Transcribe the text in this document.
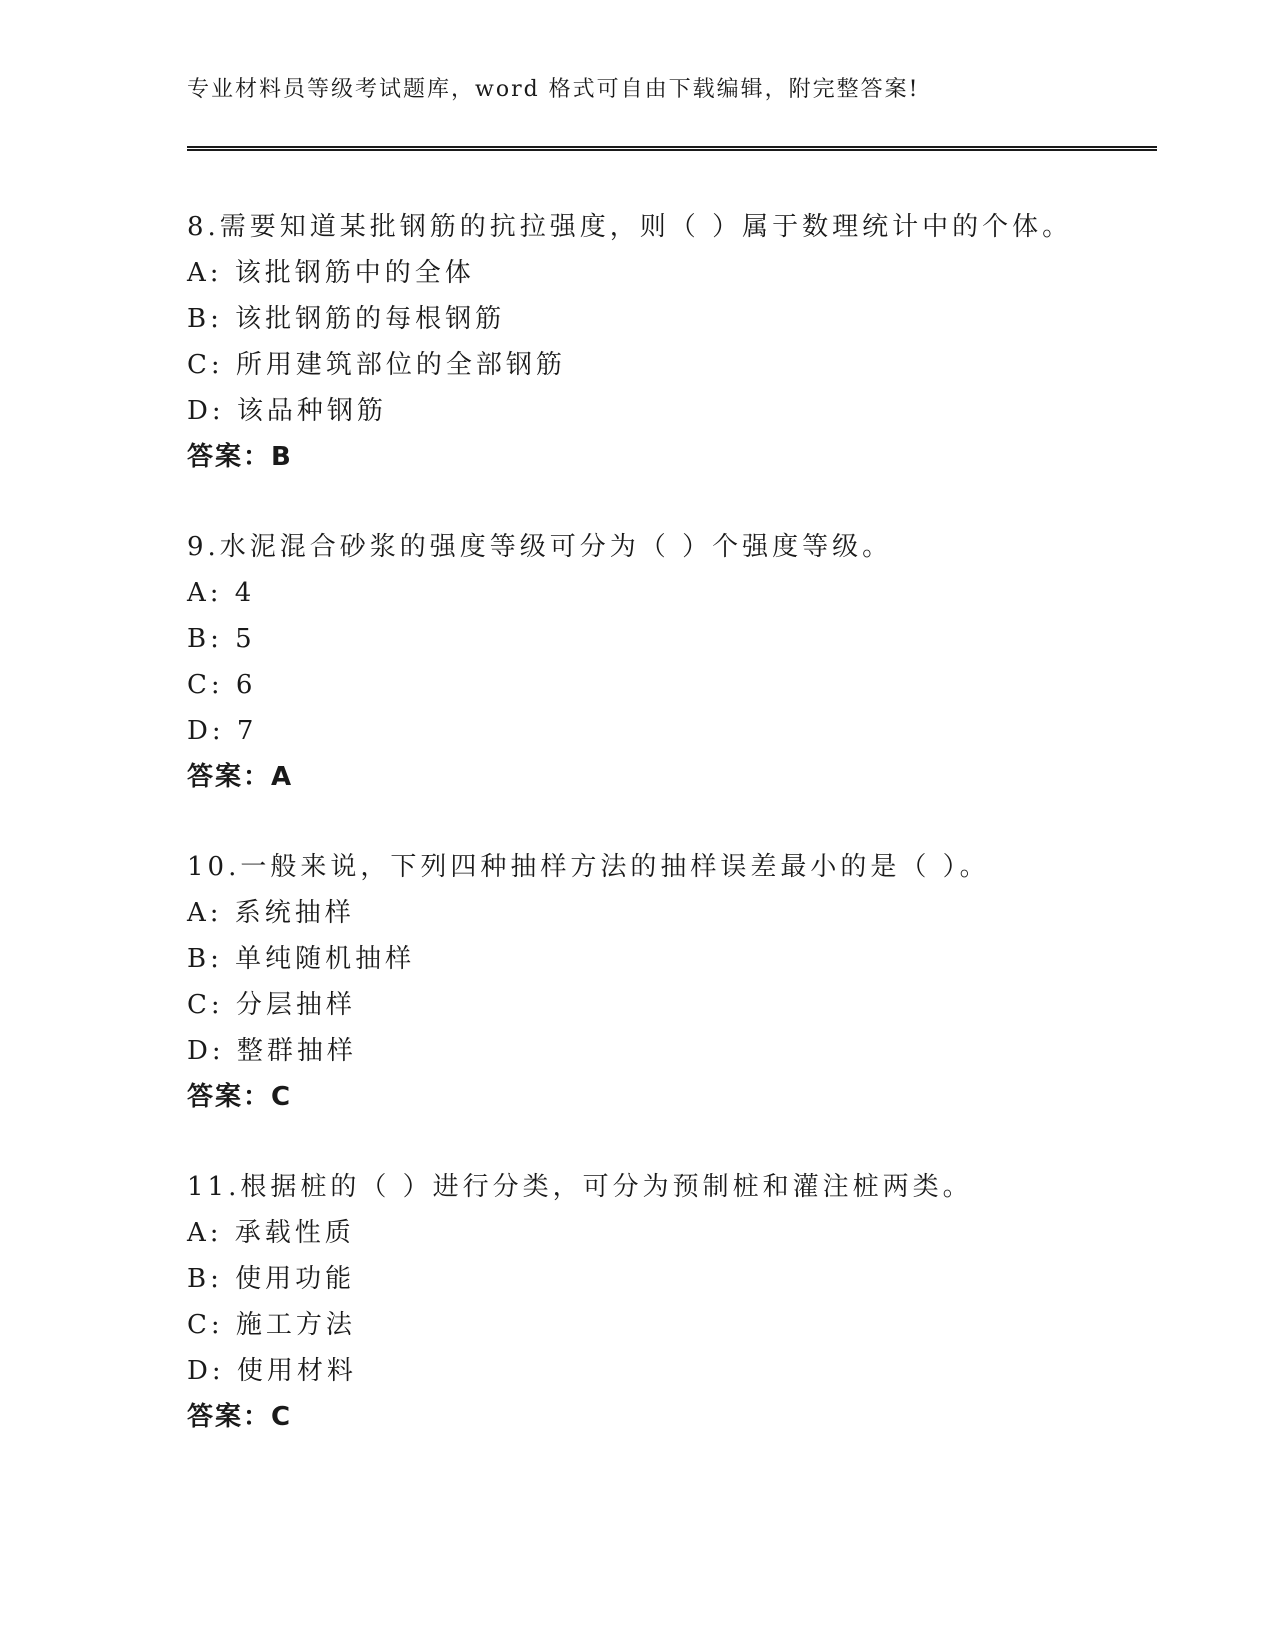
专业材料员等级考试题库，word 格式可自由下载编辑，附完整答案!
8.需要知道某批钢筋的抗拉强度，则（ ）属于数理统计中的个体。
A: 该批钢筋中的全体
B: 该批钢筋的每根钢筋
C: 所用建筑部位的全部钢筋
D: 该品种钢筋
答案：B
9.水泥混合砂浆的强度等级可分为（ ）个强度等级。
A: 4
B: 5
C: 6
D: 7
答案：A
10.一般来说，下列四种抽样方法的抽样误差最小的是（ ）。
A: 系统抽样
B: 单纯随机抽样
C: 分层抽样
D: 整群抽样
答案：C
11.根据桩的（ ）进行分类，可分为预制桩和灌注桩两类。
A: 承载性质
B: 使用功能
C: 施工方法
D: 使用材料
答案：C
